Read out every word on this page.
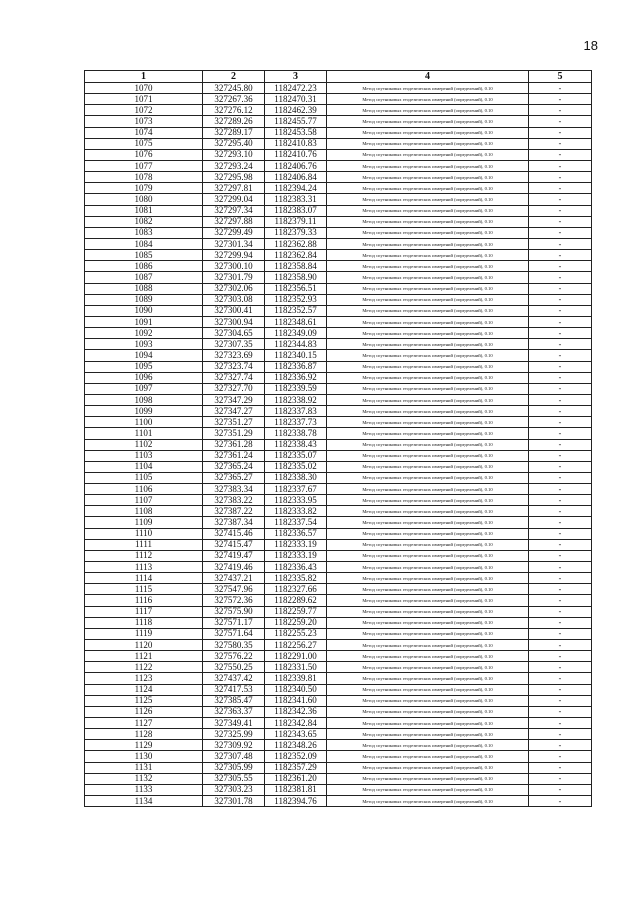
18
1	2	3	4	5
1070	327245.80	1182472.23	Метод спутниковых геодезических измерений (определений), 0.10	-
1071	327267.36	1182470.31	Метод спутниковых геодезических измерений (определений), 0.10	-
1072	327276.12	1182462.39	Метод спутниковых геодезических измерений (определений), 0.10	-
1073	327289.26	1182455.77	Метод спутниковых геодезических измерений (определений), 0.10	-
1074	327289.17	1182453.58	Метод спутниковых геодезических измерений (определений), 0.10	-
1075	327295.40	1182410.83	Метод спутниковых геодезических измерений (определений), 0.10	-
1076	327293.10	1182410.76	Метод спутниковых геодезических измерений (определений), 0.10	-
1077	327293.24	1182406.76	Метод спутниковых геодезических измерений (определений), 0.10	-
1078	327295.98	1182406.84	Метод спутниковых геодезических измерений (определений), 0.10	-
1079	327297.81	1182394.24	Метод спутниковых геодезических измерений (определений), 0.10	-
1080	327299.04	1182383.31	Метод спутниковых геодезических измерений (определений), 0.10	-
1081	327297.34	1182383.07	Метод спутниковых геодезических измерений (определений), 0.10	-
1082	327297.88	1182379.11	Метод спутниковых геодезических измерений (определений), 0.10	-
1083	327299.49	1182379.33	Метод спутниковых геодезических измерений (определений), 0.10	-
1084	327301.34	1182362.88	Метод спутниковых геодезических измерений (определений), 0.10	-
1085	327299.94	1182362.84	Метод спутниковых геодезических измерений (определений), 0.10	-
1086	327300.10	1182358.84	Метод спутниковых геодезических измерений (определений), 0.10	-
1087	327301.79	1182358.90	Метод спутниковых геодезических измерений (определений), 0.10	-
1088	327302.06	1182356.51	Метод спутниковых геодезических измерений (определений), 0.10	-
1089	327303.08	1182352.93	Метод спутниковых геодезических измерений (определений), 0.10	-
1090	327300.41	1182352.57	Метод спутниковых геодезических измерений (определений), 0.10	-
1091	327300.94	1182348.61	Метод спутниковых геодезических измерений (определений), 0.10	-
1092	327304.65	1182349.09	Метод спутниковых геодезических измерений (определений), 0.10	-
1093	327307.35	1182344.83	Метод спутниковых геодезических измерений (определений), 0.10	-
1094	327323.69	1182340.15	Метод спутниковых геодезических измерений (определений), 0.10	-
1095	327323.74	1182336.87	Метод спутниковых геодезических измерений (определений), 0.10	-
1096	327327.74	1182336.92	Метод спутниковых геодезических измерений (определений), 0.10	-
1097	327327.70	1182339.59	Метод спутниковых геодезических измерений (определений), 0.10	-
1098	327347.29	1182338.92	Метод спутниковых геодезических измерений (определений), 0.10	-
1099	327347.27	1182337.83	Метод спутниковых геодезических измерений (определений), 0.10	-
1100	327351.27	1182337.73	Метод спутниковых геодезических измерений (определений), 0.10	-
1101	327351.29	1182338.78	Метод спутниковых геодезических измерений (определений), 0.10	-
1102	327361.28	1182338.43	Метод спутниковых геодезических измерений (определений), 0.10	-
1103	327361.24	1182335.07	Метод спутниковых геодезических измерений (определений), 0.10	-
1104	327365.24	1182335.02	Метод спутниковых геодезических измерений (определений), 0.10	-
1105	327365.27	1182338.30	Метод спутниковых геодезических измерений (определений), 0.10	-
1106	327383.34	1182337.67	Метод спутниковых геодезических измерений (определений), 0.10	-
1107	327383.22	1182333.95	Метод спутниковых геодезических измерений (определений), 0.10	-
1108	327387.22	1182333.82	Метод спутниковых геодезических измерений (определений), 0.10	-
1109	327387.34	1182337.54	Метод спутниковых геодезических измерений (определений), 0.10	-
1110	327415.46	1182336.57	Метод спутниковых геодезических измерений (определений), 0.10	-
1111	327415.47	1182333.19	Метод спутниковых геодезических измерений (определений), 0.10	-
1112	327419.47	1182333.19	Метод спутниковых геодезических измерений (определений), 0.10	-
1113	327419.46	1182336.43	Метод спутниковых геодезических измерений (определений), 0.10	-
1114	327437.21	1182335.82	Метод спутниковых геодезических измерений (определений), 0.10	-
1115	327547.96	1182327.66	Метод спутниковых геодезических измерений (определений), 0.10	-
1116	327572.36	1182289.62	Метод спутниковых геодезических измерений (определений), 0.10	-
1117	327575.90	1182259.77	Метод спутниковых геодезических измерений (определений), 0.10	-
1118	327571.17	1182259.20	Метод спутниковых геодезических измерений (определений), 0.10	-
1119	327571.64	1182255.23	Метод спутниковых геодезических измерений (определений), 0.10	-
1120	327580.35	1182256.27	Метод спутниковых геодезических измерений (определений), 0.10	-
1121	327576.22	1182291.00	Метод спутниковых геодезических измерений (определений), 0.10	-
1122	327550.25	1182331.50	Метод спутниковых геодезических измерений (определений), 0.10	-
1123	327437.42	1182339.81	Метод спутниковых геодезических измерений (определений), 0.10	-
1124	327417.53	1182340.50	Метод спутниковых геодезических измерений (определений), 0.10	-
1125	327385.47	1182341.60	Метод спутниковых геодезических измерений (определений), 0.10	-
1126	327363.37	1182342.36	Метод спутниковых геодезических измерений (определений), 0.10	-
1127	327349.41	1182342.84	Метод спутниковых геодезических измерений (определений), 0.10	-
1128	327325.99	1182343.65	Метод спутниковых геодезических измерений (определений), 0.10	-
1129	327309.92	1182348.26	Метод спутниковых геодезических измерений (определений), 0.10	-
1130	327307.48	1182352.09	Метод спутниковых геодезических измерений (определений), 0.10	-
1131	327305.99	1182357.29	Метод спутниковых геодезических измерений (определений), 0.10	-
1132	327305.55	1182361.20	Метод спутниковых геодезических измерений (определений), 0.10	-
1133	327303.23	1182381.81	Метод спутниковых геодезических измерений (определений), 0.10	-
1134	327301.78	1182394.76	Метод спутниковых геодезических измерений (определений), 0.10	-
